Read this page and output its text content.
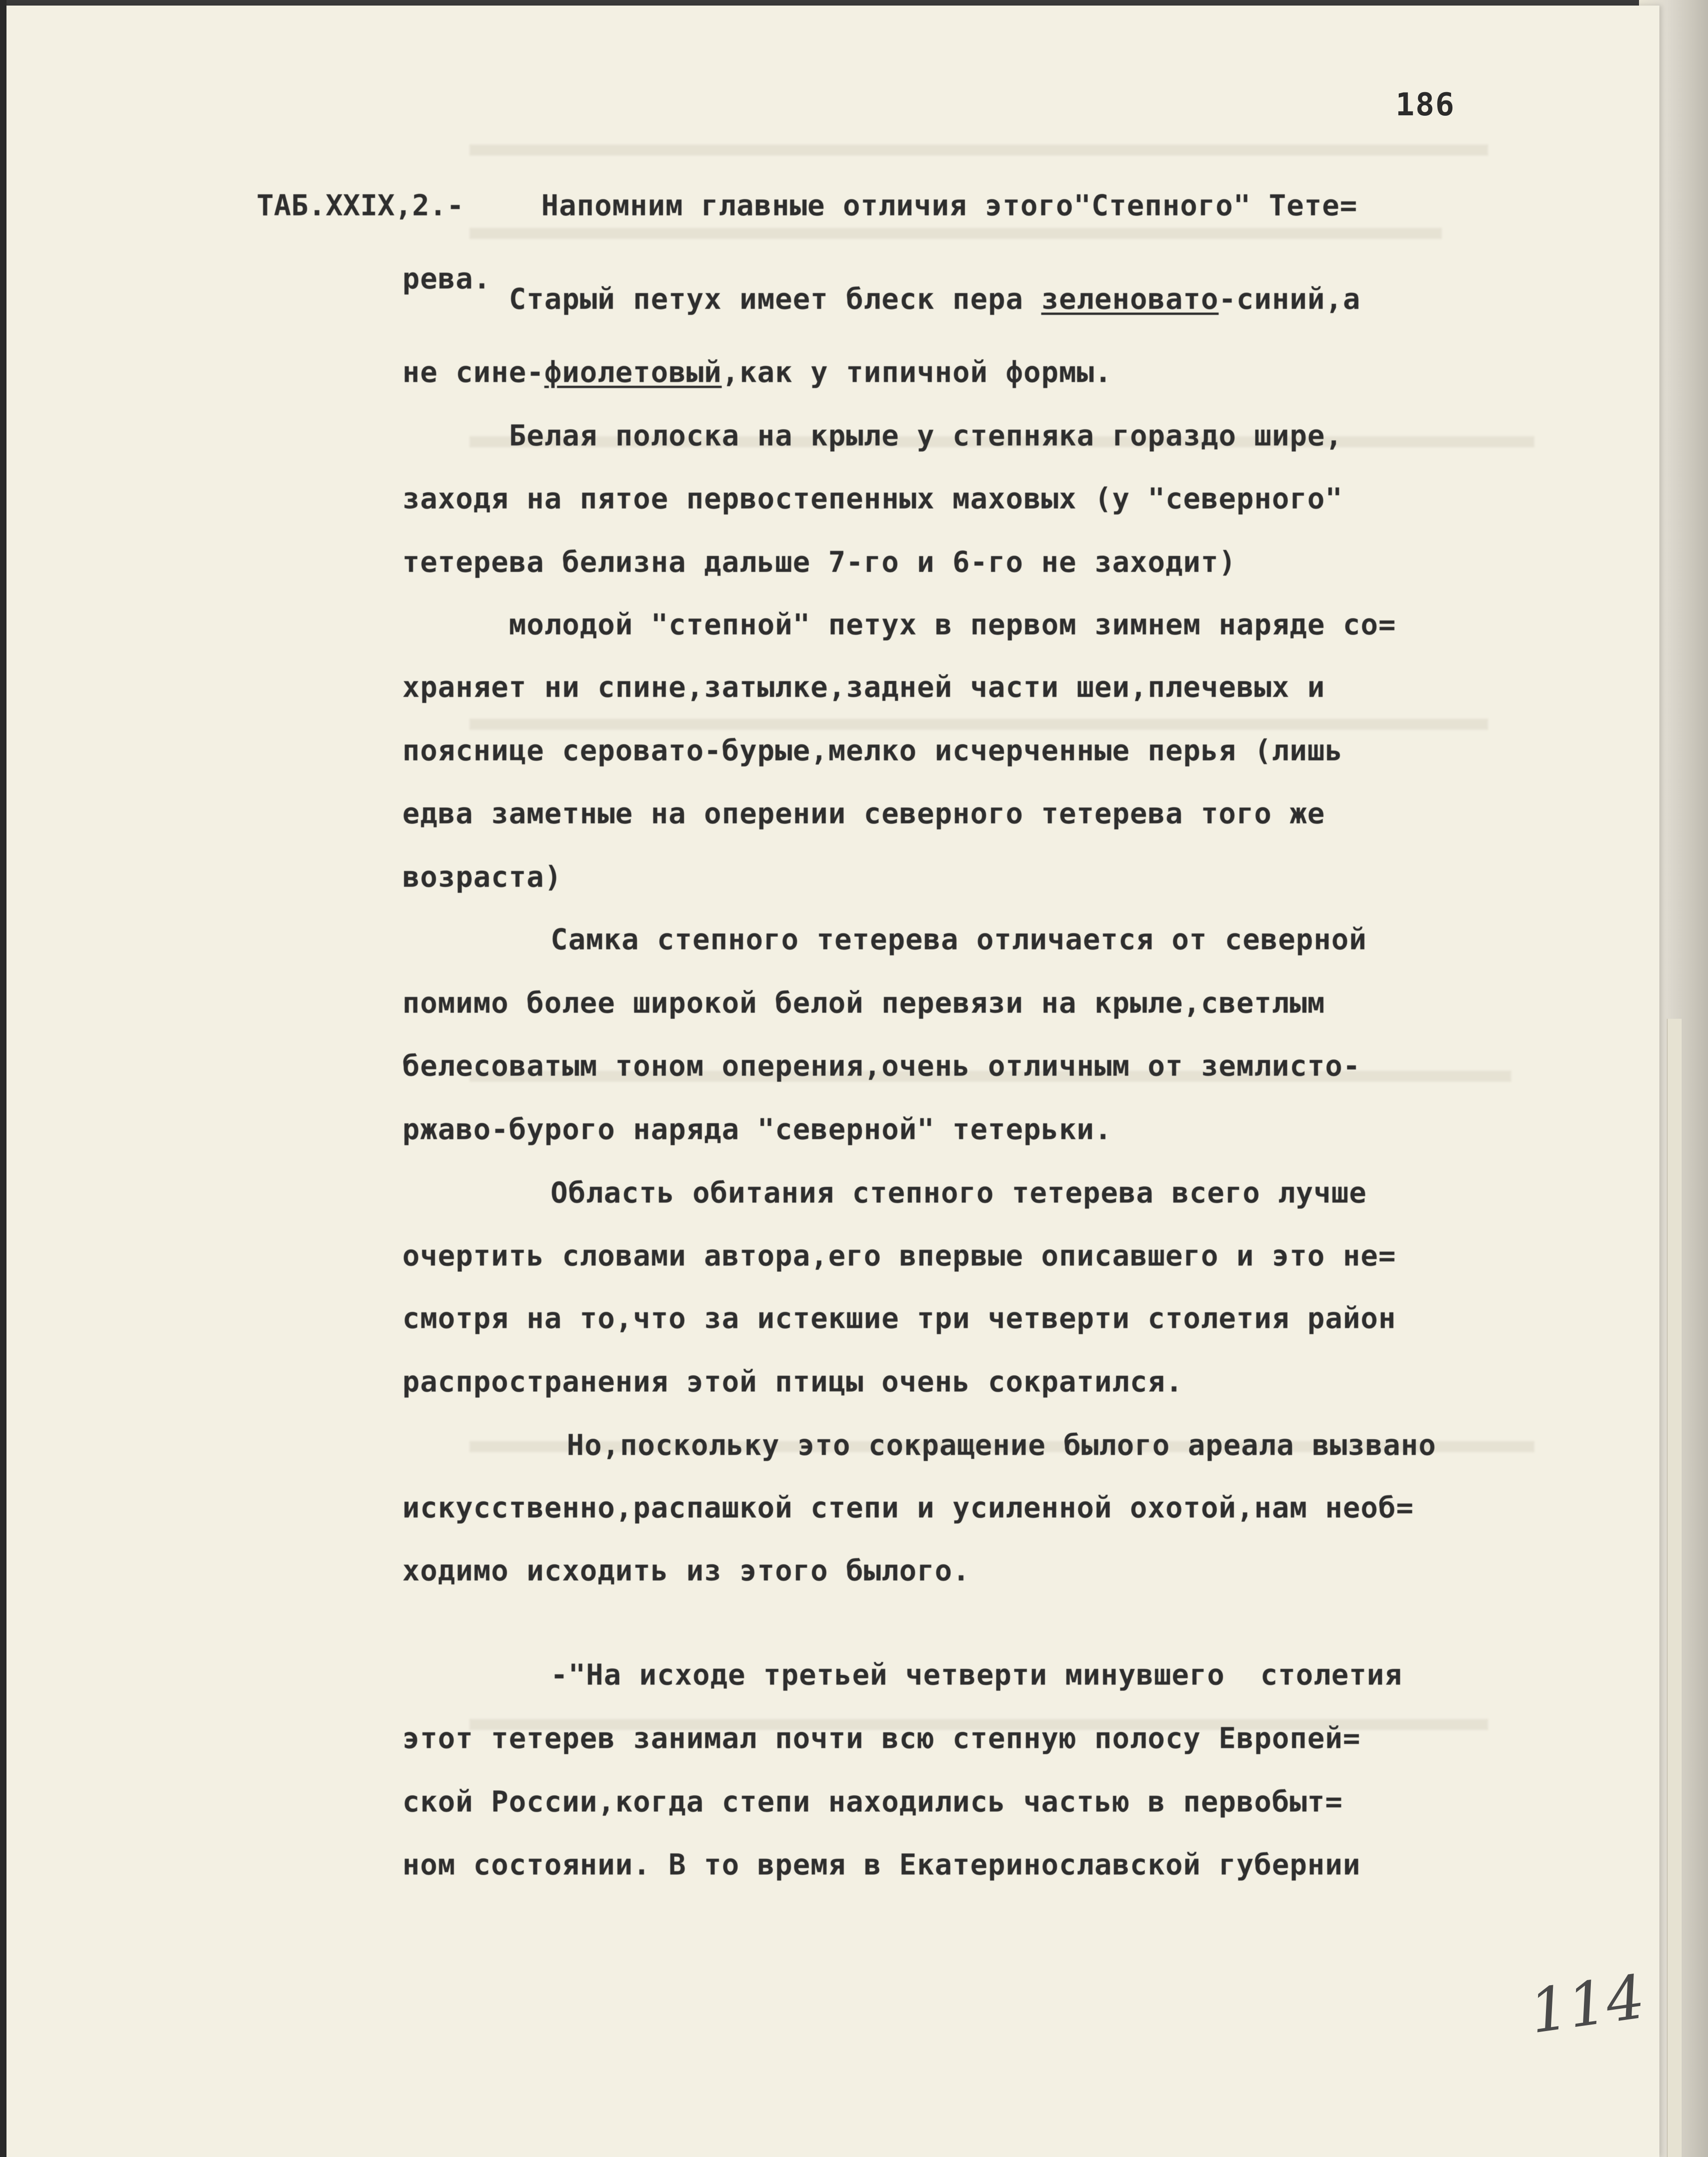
186
ТАБ.XXIX,2.-	Напомним главные отличия этого"Степного" Тете=
рева.
Старый петух имеет блеск пера зеленовато-синий,а
не сине-фиолетовый,как у типичной формы.
Белая полоска на крыле у степняка гораздо шире,
заходя на пятое первостепенных маховых (у "северного"
тетерева белизна дальше 7-го и 6-го не заходит)
молодой "степной" петух в первом зимнем наряде со=
храняет ни спине,затылке,задней части шеи,плечевых и
пояснице серовато-бурые,мелко исчерченные перья (лишь
едва заметные на оперении северного тетерева того же
возраста)
Самка степного тетерева отличается от северной
помимо более широкой белой перевязи на крыле,светлым
белесоватым тоном оперения,очень отличным от землисто-
ржаво-бурого наряда "северной" тетерьки.
Область обитания степного тетерева всего лучше
очертить словами автора,его впервые описавшего и это не=
смотря на то,что за истекшие три четверти столетия район
распространения этой птицы очень сократился.
Но,поскольку это сокращение былого ареала вызвано
искусственно,распашкой степи и усиленной охотой,нам необ=
ходимо исходить из этого былого.
-"На исходе третьей четверти минувшего  столетия
этот тетерев занимал почти всю степную полосу Европей=
ской России,когда степи находились частью в первобыт=
ном состоянии. В то время в Екатеринославской губернии
114
